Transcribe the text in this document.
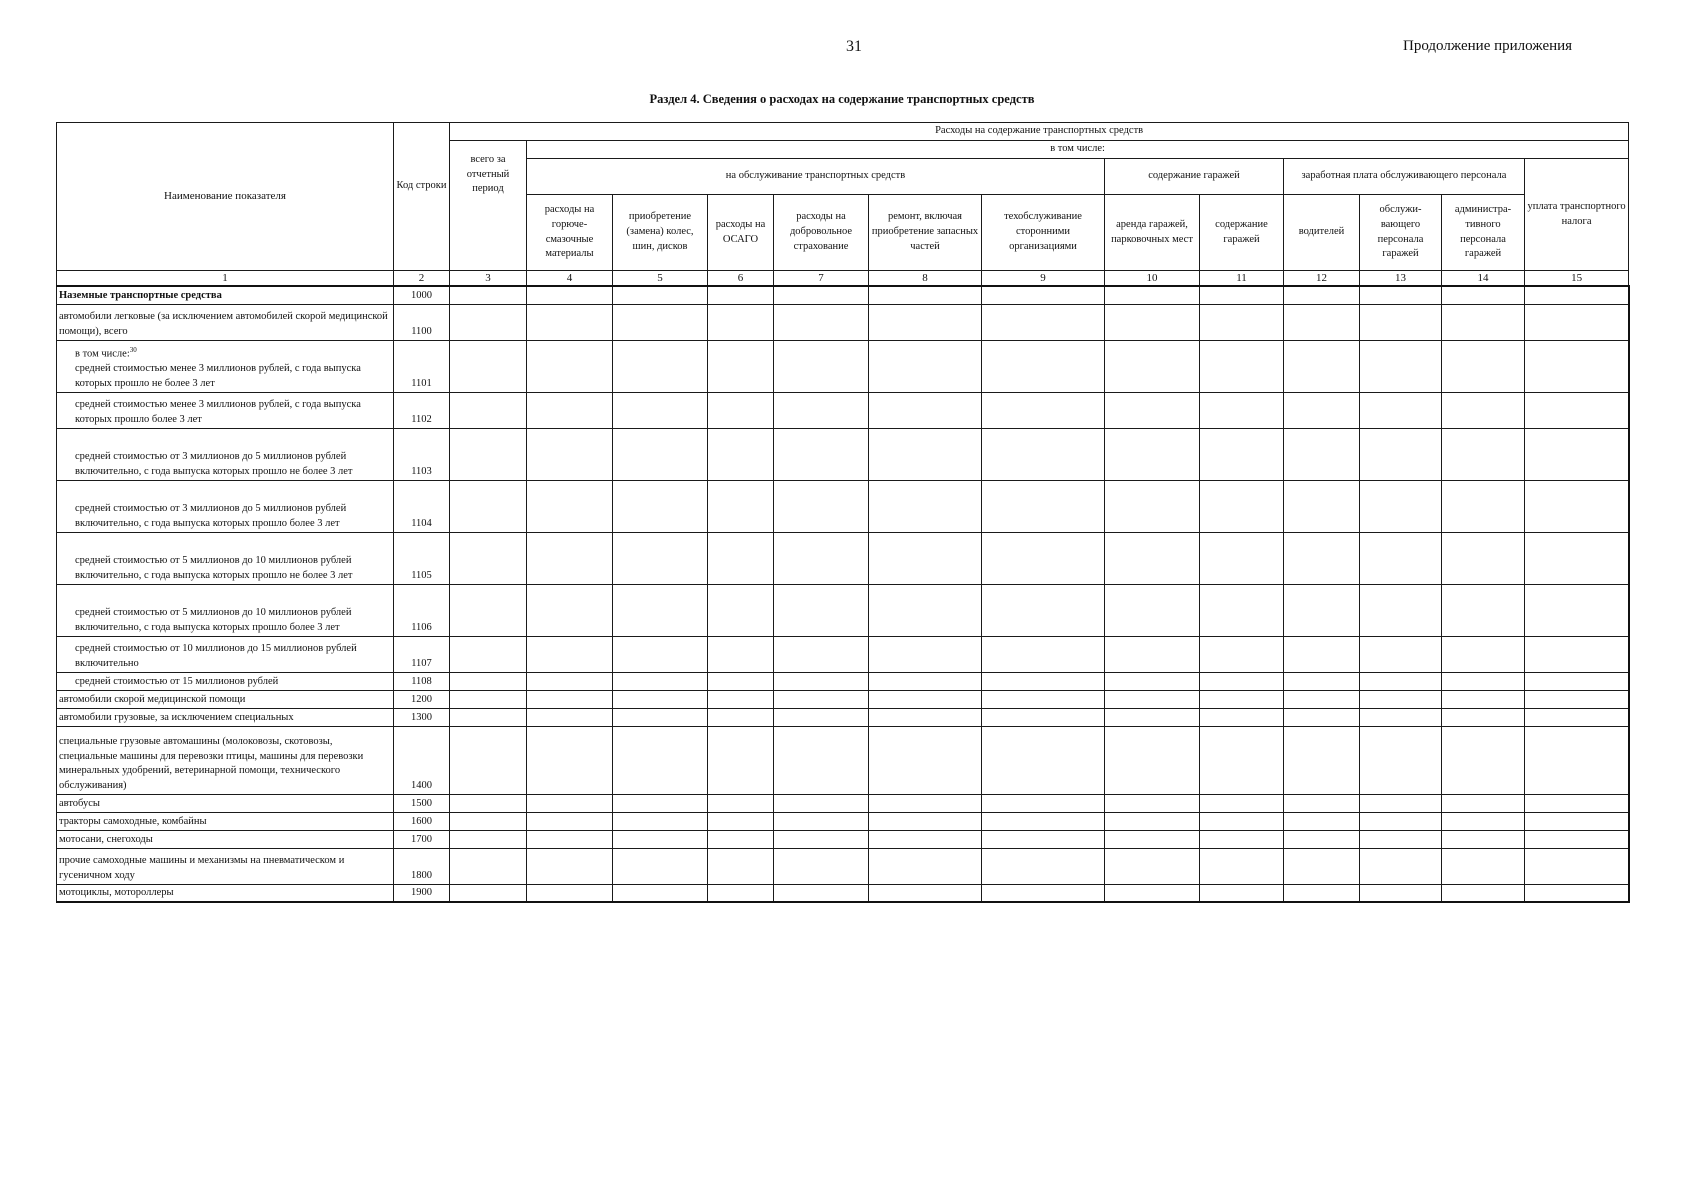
31	Продолжение приложения
Раздел 4. Сведения о расходах на содержание транспортных средств
Наименование показателя	Код строки	Расходы на содержание транспортных средств												
		всего за отчетный период	в том числе:											
			на обслуживание транспортных средств						содержание гаражей		заработная плата обслуживающего персонала			уплата транспортного налога
			расходы на горюче-смазочные материалы	приобретение (замена) колес, шин, дисков	расходы на ОСАГО	расходы на добровольное страхование	ремонт, включая приобретение запасных частей	техобслуживание сторонними организациями	аренда гаражей, парковочных мест	содержание гаражей	водителей	обслужи-вающего персонала гаражей	администра-тивного персонала гаражей	
1	2	3	4	5	6	7	8	9	10	11	12	13	14	15
Наземные транспортные средства	1000													
автомобили легковые (за исключением автомобилей скорой медицинской помощи), всего	1100													

в том числе:$^{30}$
средней стоимостью менее 3 миллионов рублей, с года выпуска которых прошло не более 3 лет	1101													
средней стоимостью менее 3 миллионов рублей, с года выпуска которых прошло более 3 лет	1102													
средней стоимостью от 3 миллионов до 5 миллионов рублей включительно, с года выпуска которых прошло не более 3 лет	1103													
средней стоимостью от 3 миллионов до 5 миллионов рублей включительно, с года выпуска которых прошло более 3 лет	1104													
средней стоимостью от 5 миллионов до 10 миллионов рублей включительно, с года выпуска которых прошло не более 3 лет	1105													
средней стоимостью от 5 миллионов до 10 миллионов рублей включительно, с года выпуска которых прошло более 3 лет	1106													
средней стоимостью от 10 миллионов до 15 миллионов рублей включительно	1107													
средней стоимостью от 15 миллионов рублей	1108													
автомобили скорой медицинской помощи	1200													
автомобили грузовые, за исключением специальных	1300													
специальные грузовые автомашины (молоковозы, скотовозы, специальные машины для перевозки птицы, машины для перевозки минеральных удобрений, ветеринарной помощи, технического обслуживания)	1400													
автобусы	1500													
тракторы самоходные, комбайны	1600													
мотосани, снегоходы	1700													
прочие самоходные машины и механизмы на пневматическом и гусеничном ходу	1800													
мотоциклы, мотороллеры	1900													
